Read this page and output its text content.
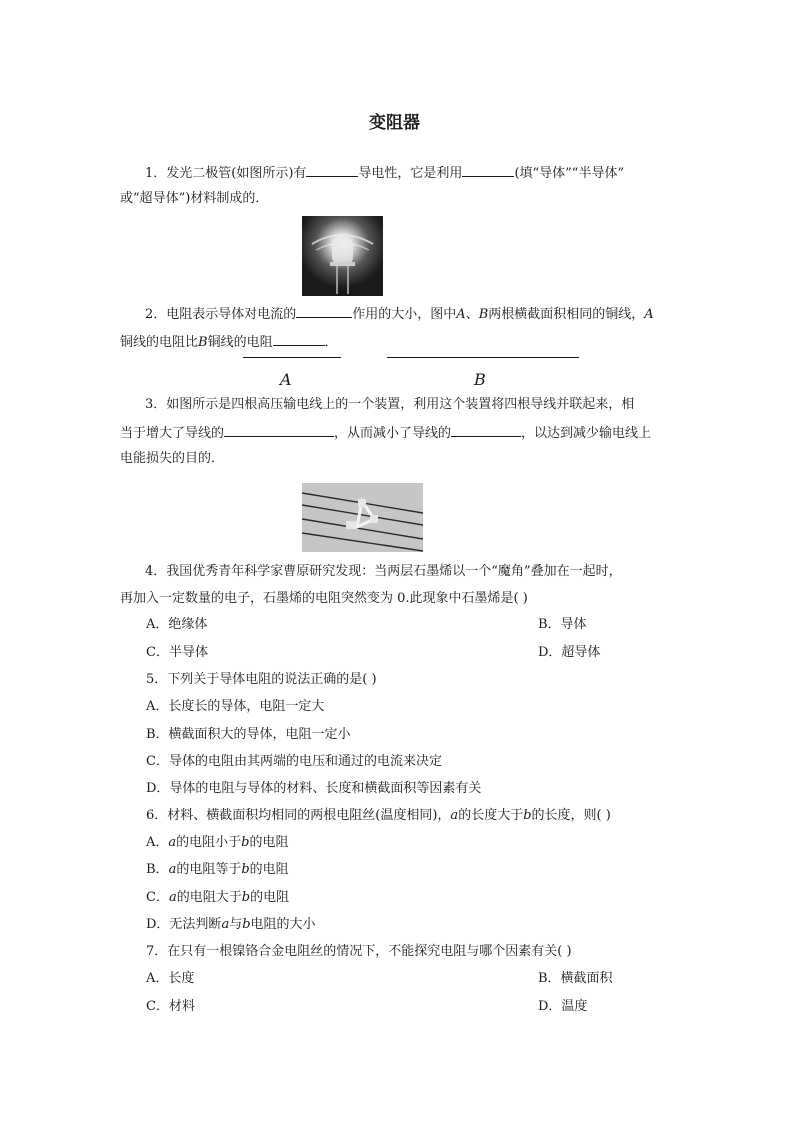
变阻器
1．发光二极管(如图所示)有	导电性，它是利用	(填“导体”“半导体”
或“超导体”)材料制成的．
2．电阻表示导体对电流的	作用的大小，图中A、B两根横截面积相同的铜线，A
铜线的电阻比B铜线的电阻	．
A	B
3．如图所示是四根高压输电线上的一个装置，利用这个装置将四根导线并联起来，相
当于增大了导线的	，从而减小了导线的	，以达到减少输电线上
电能损失的目的．
4．我国优秀青年科学家曹原研究发现：当两层石墨烯以一个“魔角”叠加在一起时，
再加入一定数量的电子，石墨烯的电阻突然变为 0.此现象中石墨烯是( )
A．绝缘体	B．导体
C．半导体	D．超导体
5．下列关于导体电阻的说法正确的是( )
A．长度长的导体，电阻一定大
B．横截面积大的导体，电阻一定小
C．导体的电阻由其两端的电压和通过的电流来决定
D．导体的电阻与导体的材料、长度和横截面积等因素有关
6．材料、横截面积均相同的两根电阻丝(温度相同)，a的长度大于b的长度，则( )
A．a的电阻小于b的电阻
B．a的电阻等于b的电阻
C．a的电阻大于b的电阻
D．无法判断a与b电阻的大小
7．在只有一根镍铬合金电阻丝的情况下，不能探究电阻与哪个因素有关( )
A．长度	B．横截面积
C．材料	D．温度
